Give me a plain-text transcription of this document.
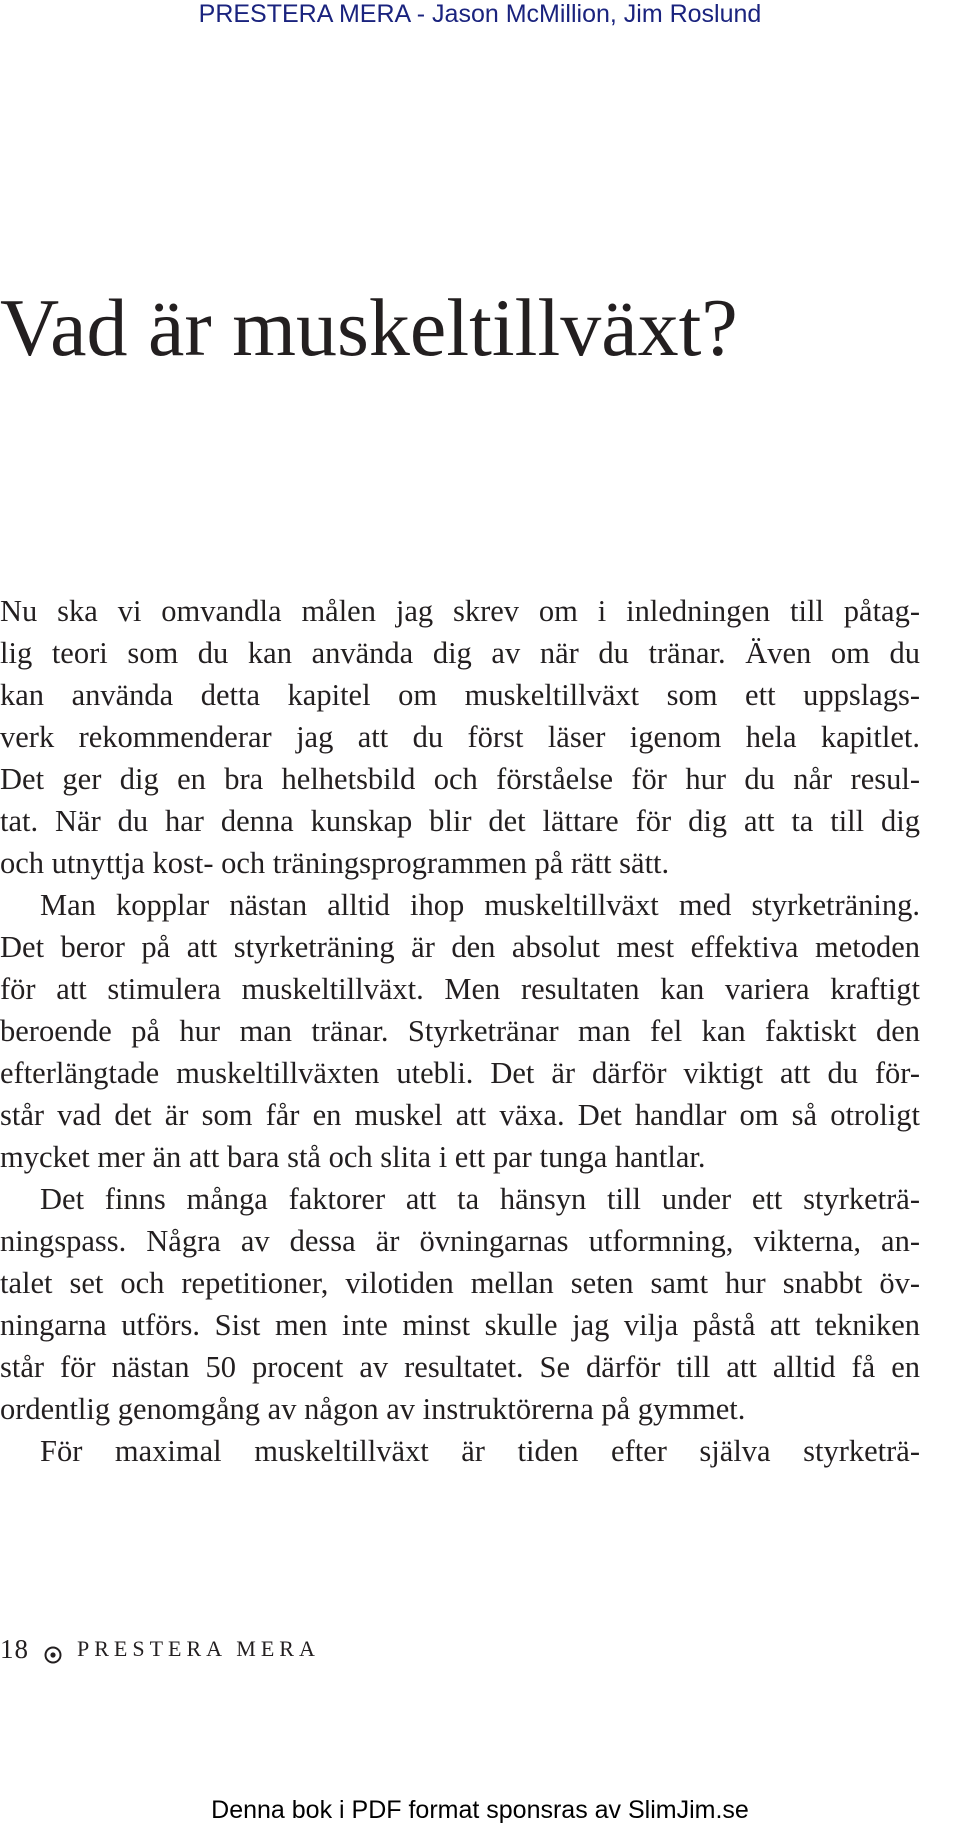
PRESTERA MERA - Jason McMillion, Jim Roslund
Vad är muskeltillväxt?
Nu ska vi omvandla målen jag skrev om i inledningen till påtag-
lig teori som du kan använda dig av när du tränar. Även om du
kan använda detta kapitel om muskeltillväxt som ett uppslags-
verk rekommenderar jag att du först läser igenom hela kapitlet.
Det ger dig en bra helhetsbild och förståelse för hur du når resul-
tat. När du har denna kunskap blir det lättare för dig att ta till dig
och utnyttja kost- och träningsprogrammen på rätt sätt.
Man kopplar nästan alltid ihop muskeltillväxt med styrketräning.
Det beror på att styrketräning är den absolut mest effektiva metoden
för att stimulera muskeltillväxt. Men resultaten kan variera kraftigt
beroende på hur man tränar. Styrketränar man fel kan faktiskt den
efterlängtade muskeltillväxten utebli. Det är därför viktigt att du för-
står vad det är som får en muskel att växa. Det handlar om så otroligt
mycket mer än att bara stå och slita i ett par tunga hantlar.
Det finns många faktorer att ta hänsyn till under ett styrketrä-
ningspass. Några av dessa är övningarnas utformning, vikterna, an-
talet set och repetitioner, vilotiden mellan seten samt hur snabbt öv-
ningarna utförs. Sist men inte minst skulle jag vilja påstå att tekniken
står för nästan 50 procent av resultatet. Se därför till att alltid få en
ordentlig genomgång av någon av instruktörerna på gymmet.
För maximal muskeltillväxt är tiden efter själva styrketrä-
18 PRESTERA MERA
Denna bok i PDF format sponsras av SlimJim.se
